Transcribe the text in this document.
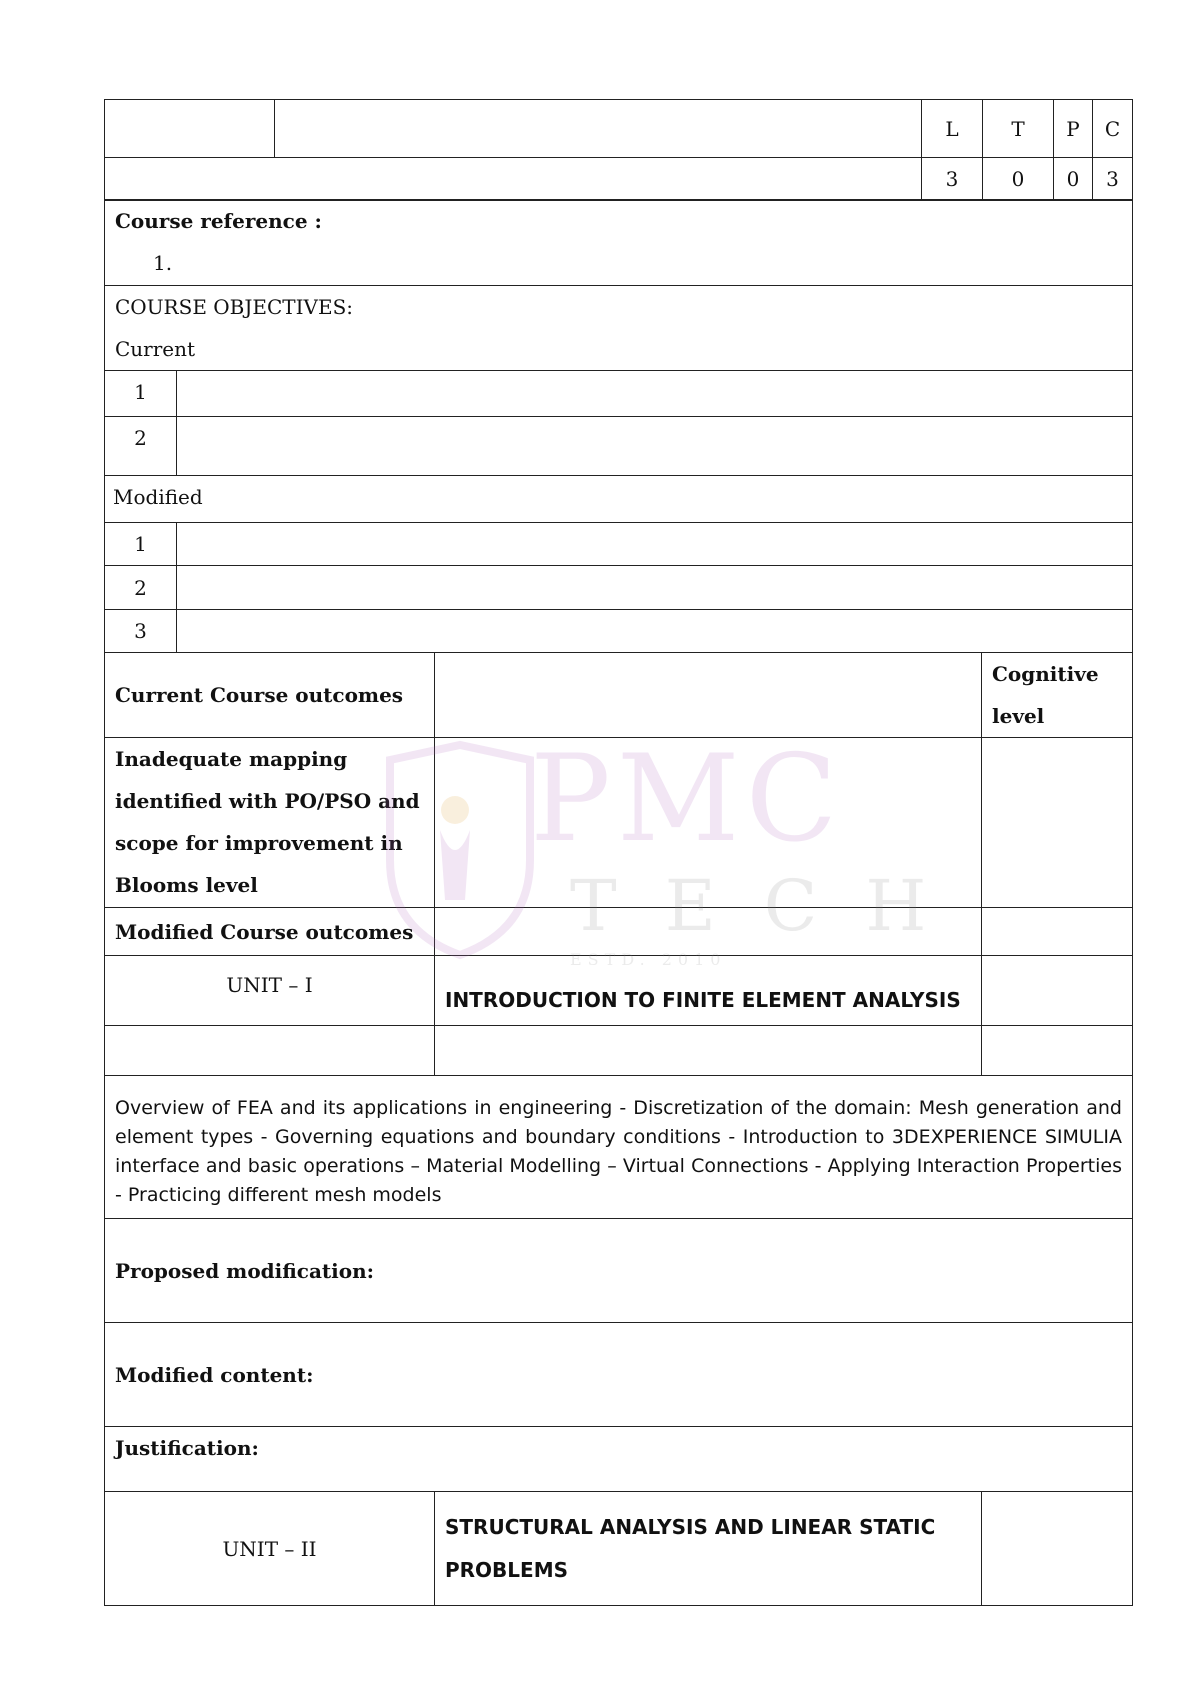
		L	T	P	C
		3	0	0	3
Course reference :
1.	

COURSE OBJECTIVES:
Current	

1	
2	
Modified	
1	
2	
3	
Current Course outcomes		Cognitive level
Inadequate mapping identified with PO/PSO and scope for improvement in Blooms level		
Modified Course outcomes		
UNIT – I	INTRODUCTION TO FINITE ELEMENT ANALYSIS	

Overview of FEA and its applications in engineering - Discretization of the domain: Mesh generation and element types - Governing equations and boundary conditions - Introduction to 3DEXPERIENCE SIMULIA interface and basic operations – Material Modelling – Virtual Connections - Applying Interaction Properties - Practicing different mesh models		
Proposed modification:		
Modified content:		
Justification:		
UNIT – II	STRUCTURAL ANALYSIS AND LINEAR STATIC PROBLEMS	
PMC
TECH
ESTD. 2010
